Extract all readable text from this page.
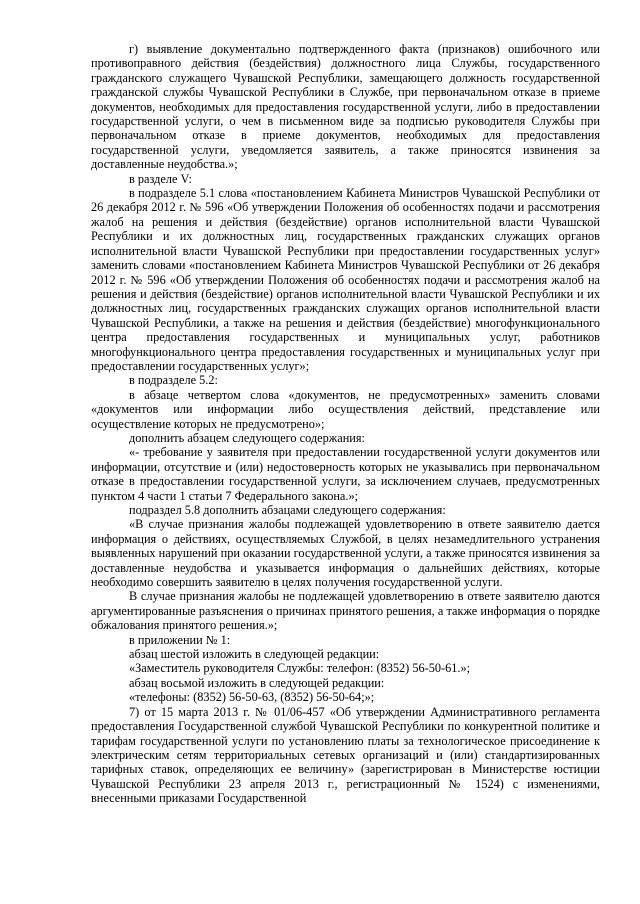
г) выявление документально подтвержденного факта (признаков) ошибочного или противоправного действия (бездействия) должностного лица Службы, государственного гражданского служащего Чувашской Республики, замещающего должность государственной гражданской службы Чувашской Республики в Службе, при первоначальном отказе в приеме документов, необходимых для предоставления государственной услуги, либо в предоставлении государственной услуги, о чем в письменном виде за подписью руководителя Службы при первоначальном отказе в приеме документов, необходимых для предоставления государственной услуги, уведомляется заявитель, а также приносятся извинения за доставленные неудобства.»;

в разделе V:

в подразделе 5.1 слова «постановлением Кабинета Министров Чувашской Республики от 26 декабря 2012 г. № 596 «Об утверждении Положения об особенностях подачи и рассмотрения жалоб на решения и действия (бездействие) органов исполнительной власти Чувашской Республики и их должностных лиц, государственных гражданских служащих органов исполнительной власти Чувашской Республики при предоставлении государственных услуг» заменить словами «постановлением Кабинета Министров Чувашской Республики от 26 декабря 2012 г. № 596 «Об утверждении Положения об особенностях подачи и рассмотрения жалоб на решения и действия (бездействие) органов исполнительной власти Чувашской Республики и их должностных лиц, государственных гражданских служащих органов исполнительной власти Чувашской Республики, а также на решения и действия (бездействие) многофункционального центра предоставления государственных и муниципальных услуг, работников многофункционального центра предоставления государственных и муниципальных услуг при предоставлении государственных услуг»;

в подразделе 5.2:

в абзаце четвертом слова «документов, не предусмотренных» заменить словами «документов или информации либо осуществления действий, представление или осуществление которых не предусмотрено»;

дополнить абзацем следующего содержания:

«- требование у заявителя при предоставлении государственной услуги документов или информации, отсутствие и (или) недостоверность которых не указывались при первоначальном отказе в предоставлении государственной услуги, за исключением случаев, предусмотренных пунктом 4 части 1 статьи 7 Федерального закона.»;

подраздел 5.8 дополнить абзацами следующего содержания:

«В случае признания жалобы подлежащей удовлетворению в ответе заявителю дается информация о действиях, осуществляемых Службой, в целях незамедлительного устранения выявленных нарушений при оказании государственной услуги, а также приносятся извинения за доставленные неудобства и указывается информация о дальнейших действиях, которые необходимо совершить заявителю в целях получения государственной услуги.

В случае признания жалобы не подлежащей удовлетворению в ответе заявителю даются аргументированные разъяснения о причинах принятого решения, а также информация о порядке обжалования принятого решения.»;

в приложении № 1:

абзац шестой изложить в следующей редакции:

«Заместитель руководителя Службы: телефон: (8352) 56-50-61.»;

абзац восьмой изложить в следующей редакции:

«телефоны: (8352) 56-50-63, (8352) 56-50-64;»;

7) от 15 марта 2013 г. № 01/06-457 «Об утверждении Административного регламента предоставления Государственной службой Чувашской Республики по конкурентной политике и тарифам государственной услуги по установлению платы за технологическое присоединение к электрическим сетям территориальных сетевых организаций и (или) стандартизированных тарифных ставок, определяющих ее величину» (зарегистрирован в Министерстве юстиции Чувашской Республики 23 апреля 2013 г., регистрационный № 1524) с изменениями, внесенными приказами Государственной
